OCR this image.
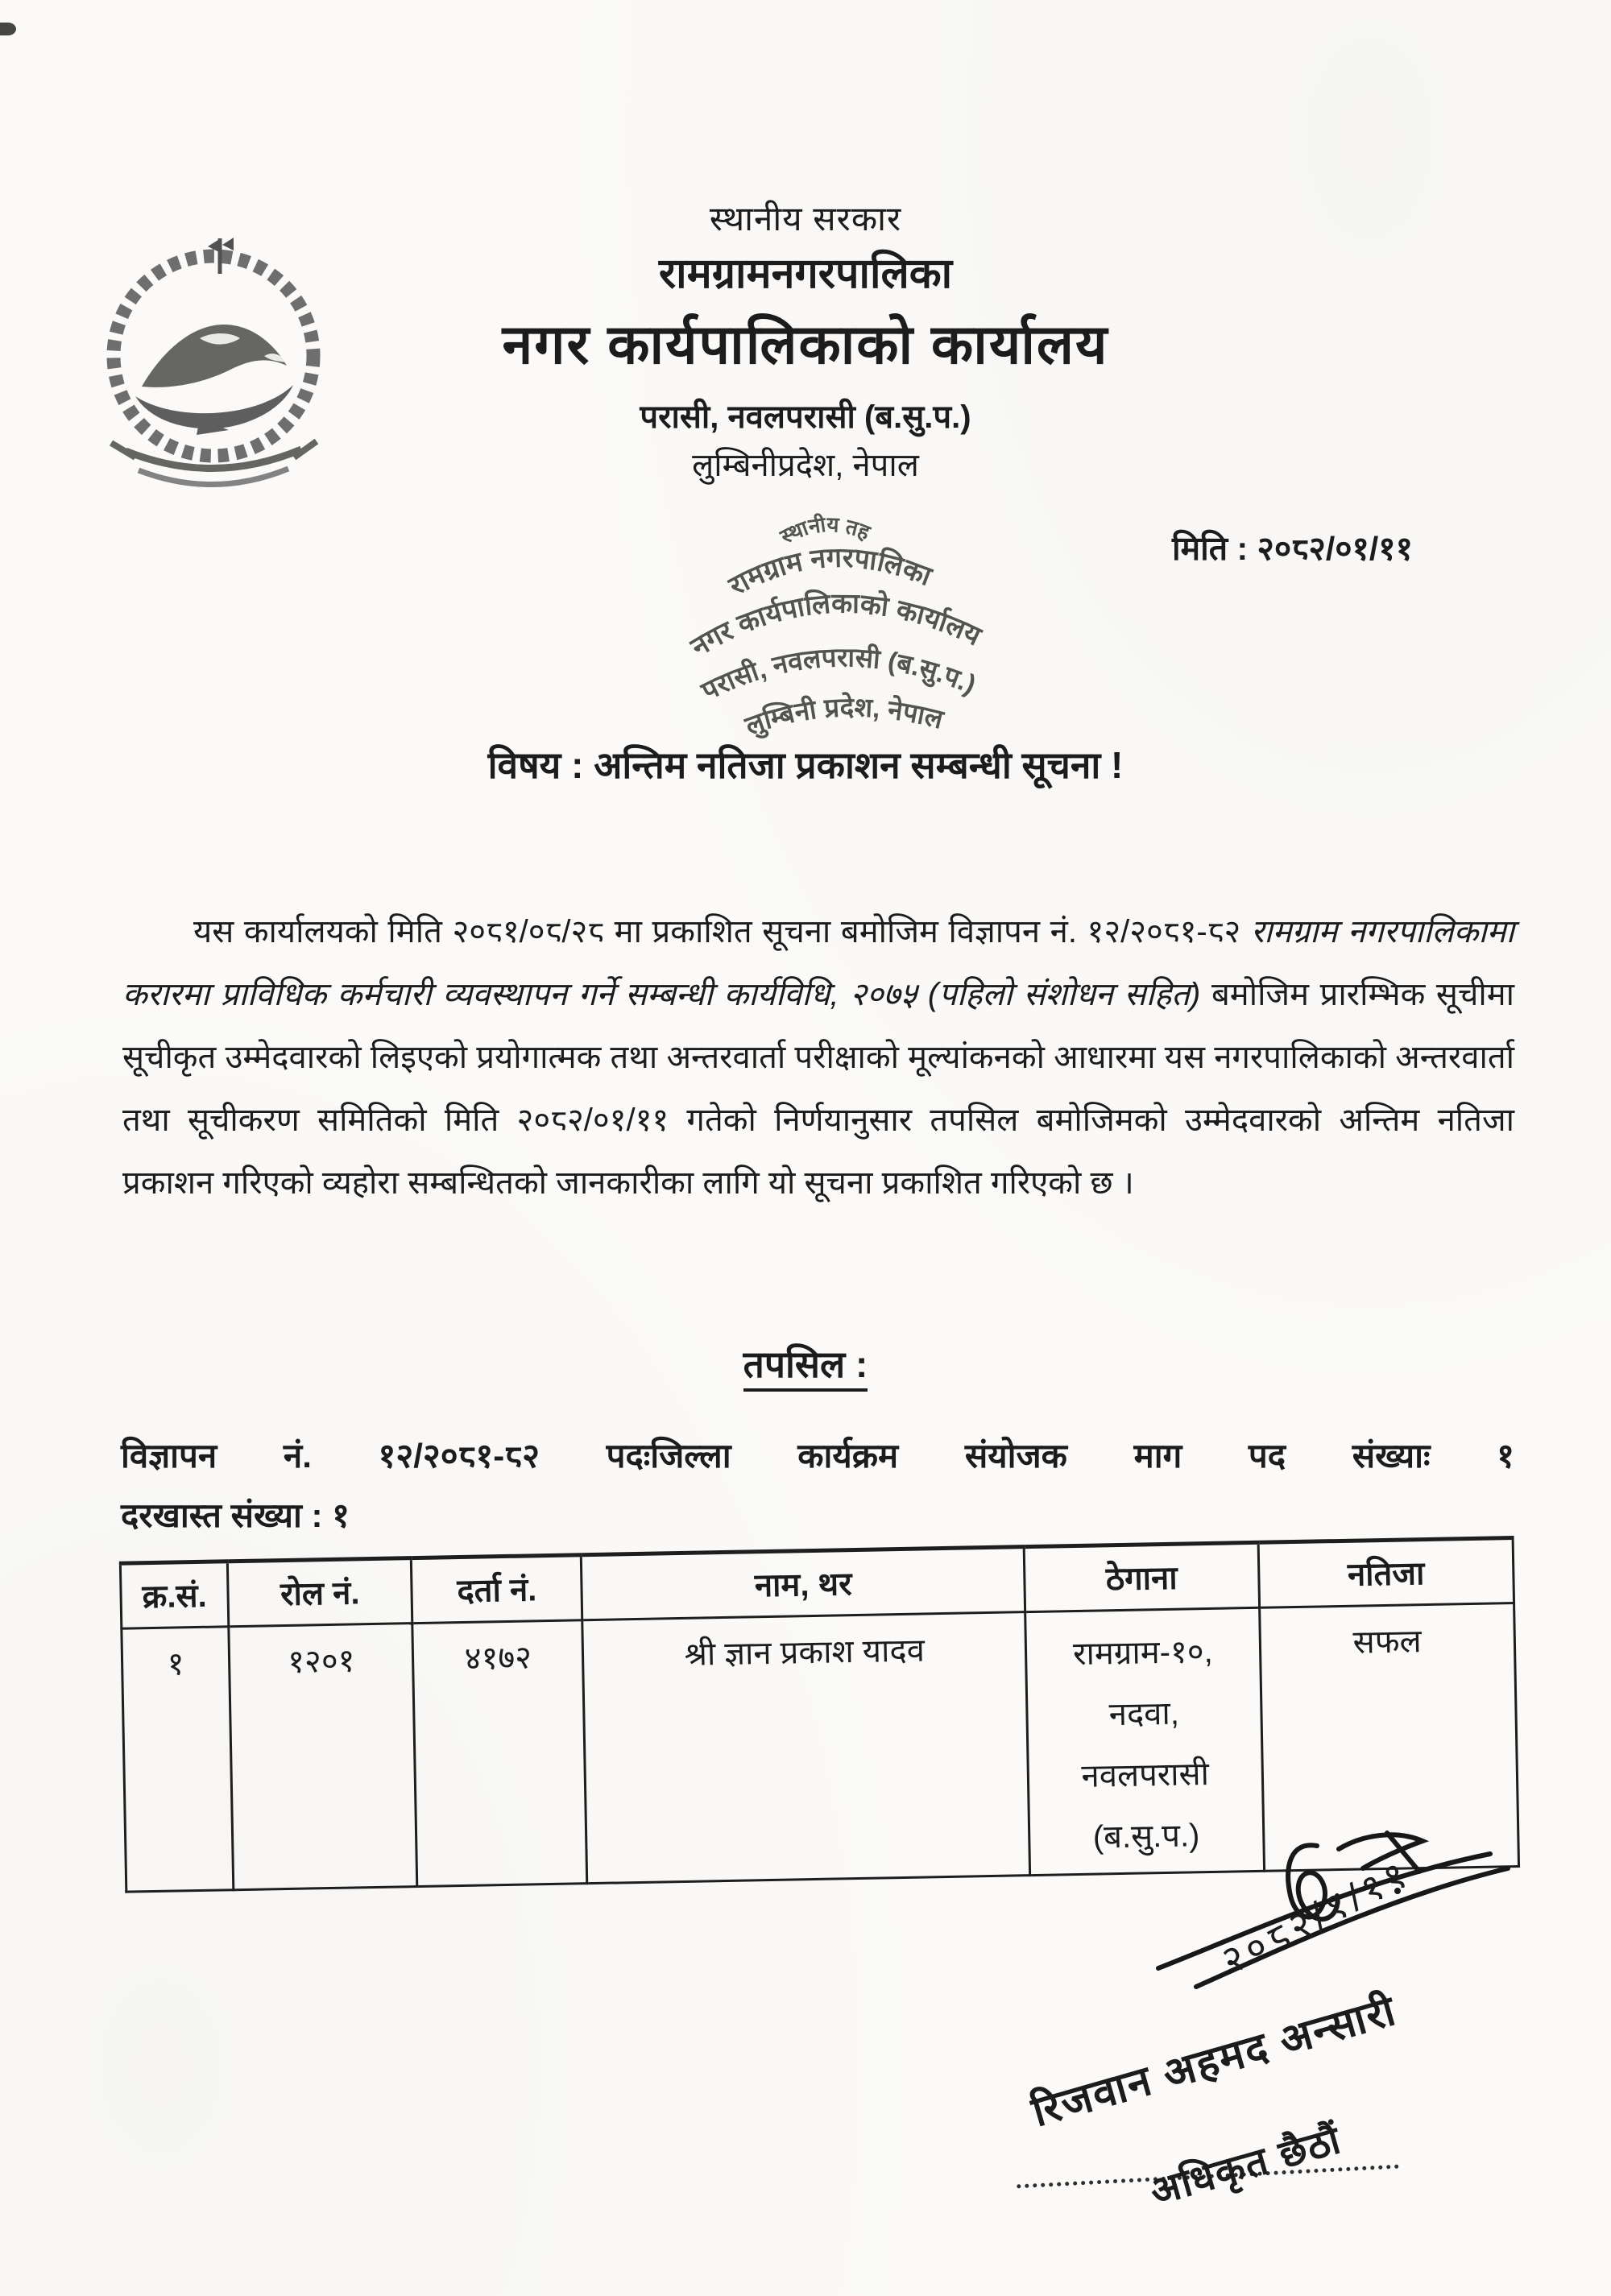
स्थानीय सरकार
रामग्रामनगरपालिका
नगर कार्यपालिकाको कार्यालय
परासी, नवलपरासी (ब.सु.प.)
लुम्बिनीप्रदेश, नेपाल
स्थानीय तह
रामग्राम नगरपालिका
नगर कार्यपालिकाको कार्यालय
परासी, नवलपरासी (ब.सु.प.)
लुम्बिनी प्रदेश, नेपाल
मिति : २०८२/०१/११
विषय : अन्तिम नतिजा प्रकाशन सम्बन्धी सूचना !
यस कार्यालयको मिति २०८१/०८/२८ मा प्रकाशित सूचना बमोजिम विज्ञापन नं. १२/२०८१-८२ रामग्राम नगरपालिकामा करारमा प्राविधिक कर्मचारी व्यवस्थापन गर्ने सम्बन्धी कार्यविधि, २०७५ (पहिलो संशोधन सहित) बमोजिम प्रारम्भिक सूचीमा सूचीकृत उम्मेदवारको लिइएको प्रयोगात्मक तथा अन्तरवार्ता परीक्षाको मूल्यांकनको आधारमा यस नगरपालिकाको अन्तरवार्ता तथा सूचीकरण समितिको मिति २०८२/०१/११ गतेको निर्णयानुसार तपसिल बमोजिमको उम्मेदवारको अन्तिम नतिजा प्रकाशन गरिएको व्यहोरा सम्बन्धितको जानकारीका लागि यो सूचना प्रकाशित गरिएको छ ।
तपसिल :
विज्ञापन नं. १२/२०८१-८२ पदःजिल्ला कार्यक्रम संयोजक माग पद संख्याः १
दरखास्त संख्या : १
क्र.सं.	रोल नं.	दर्ता नं.	नाम, थर	ठेगाना	नतिजा
१	१२०१	४१७२	श्री ज्ञान प्रकाश यादव	रामग्राम-१०,
नदवा,
नवलपरासी
(ब.सु.प.)	सफल
२०८२/१/११
रिजवान अहमद अन्सारी
अधिकृत छैठौं
